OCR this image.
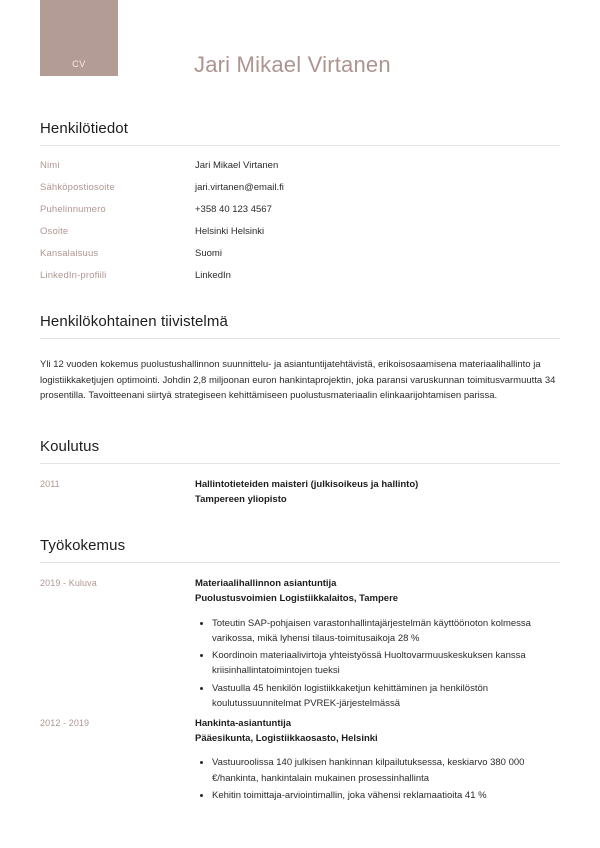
CV	Jari Mikael Virtanen
Henkilötiedot
Nimi	Jari Mikael Virtanen
Sähköpostiosoite	jari.virtanen@email.fi
Puhelinnumero	+358 40 123 4567
Osoite	Helsinki Helsinki
Kansalaisuus	Suomi
LinkedIn-profiili	LinkedIn
Henkilökohtainen tiivistelmä

Yli 12 vuoden kokemus puolustushallinnon suunnittelu- ja asiantuntijatehtävistä, erikoisosaamisena materiaalihallinto ja logistiikkaketjujen optimointi. Johdin 2,8 miljoonan euron hankintaprojektin, joka paransi varuskunnan toimitusvarmuutta 34 prosentilla. Tavoitteenani siirtyä strategiseen kehittämiseen puolustusmateriaalin elinkaarijohtamisen parissa.

Koulutus
2011	Hallintotieteiden maisteri (julkisoikeus ja hallinto)
Tampereen yliopisto
Työkokemus
2019 - Kuluva	Materiaalihallinnon asiantuntija
Puolustusvoimien Logistiikkalaitos, Tampere
• Toteutin SAP-pohjaisen varastonhallintajärjestelmän käyttöönoton kolmessa varikossa, mikä lyhensi tilaus-toimitusaikoja 28 %
• Koordinoin materiaalivirtoja yhteistyössä Huoltovarmuuskeskuksen kanssa kriisinhallintatoimintojen tueksi
• Vastuulla 45 henkilön logistiikkaketjun kehittäminen ja henkilöstön koulutussuunnitelmat PVREK-järjestelmässä
2012 - 2019	Hankinta-asiantuntija
Pääesikunta, Logistiikkaosasto, Helsinki
• Vastuuroolissa 140 julkisen hankinnan kilpailutuksessa, keskiarvo 380 000 €/hankinta, hankintalain mukainen prosessinhallinta
• Kehitin toimittaja-arviointimallin, joka vähensi reklamaatioita 41 %
